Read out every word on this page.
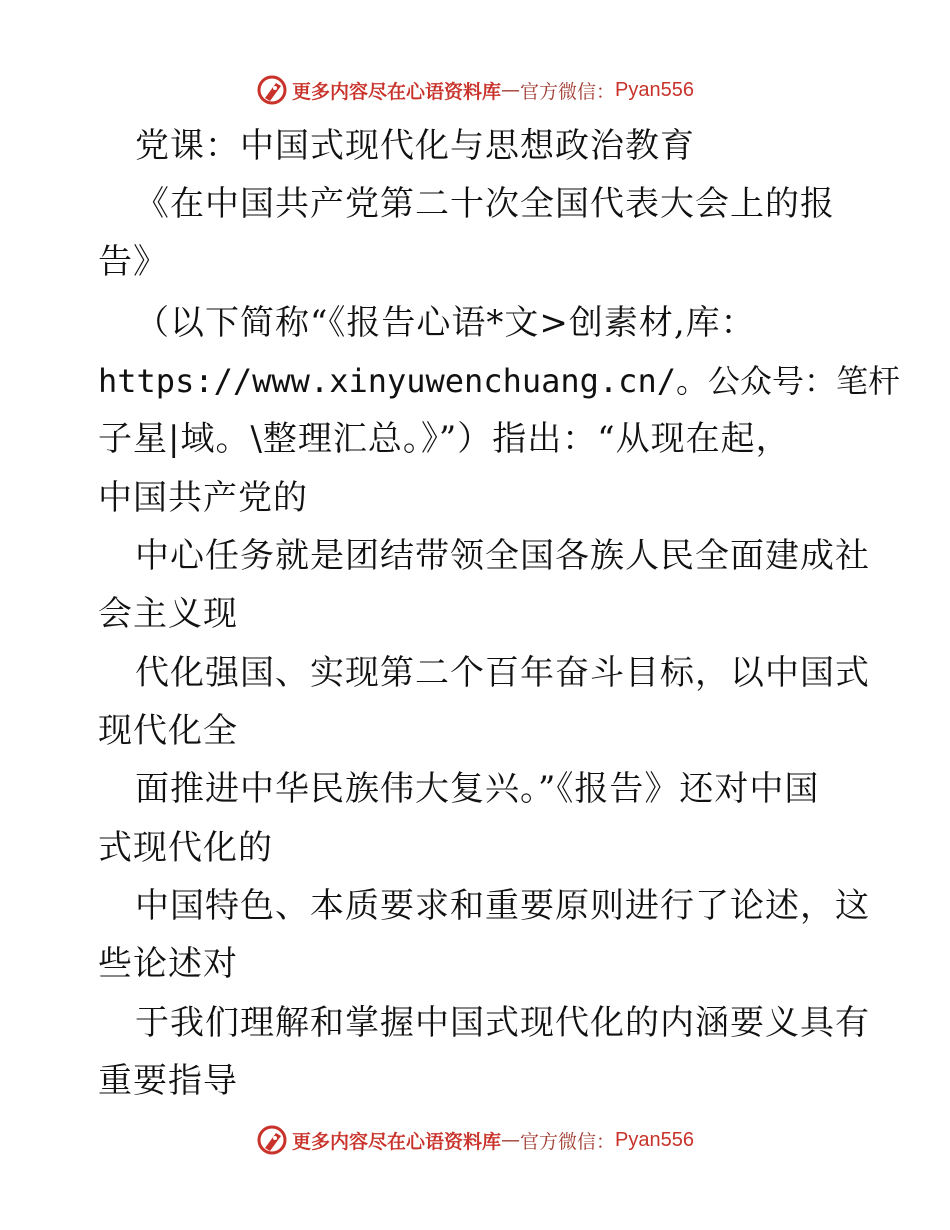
更多内容尽在心语资料库 — 官方微信： Pyan556
党课：中国式现代化与思想政治教育
《在中国共产党第二十次全国代表大会上的报
告》
（以下简称“《报告心语*文>创素材,库：
https://www.xinyuwenchuang.cn/。公众号：笔杆
子星|域。\整理汇总。》”）指出：“从现在起，
中国共产党的
中心任务就是团结带领全国各族人民全面建成社
会主义现
代化强国、实现第二个百年奋斗目标，以中国式
现代化全
面推进中华民族伟大复兴。”《报告》还对中国
式现代化的
中国特色、本质要求和重要原则进行了论述，这
些论述对
于我们理解和掌握中国式现代化的内涵要义具有
重要指导
更多内容尽在心语资料库 — 官方微信： Pyan556
